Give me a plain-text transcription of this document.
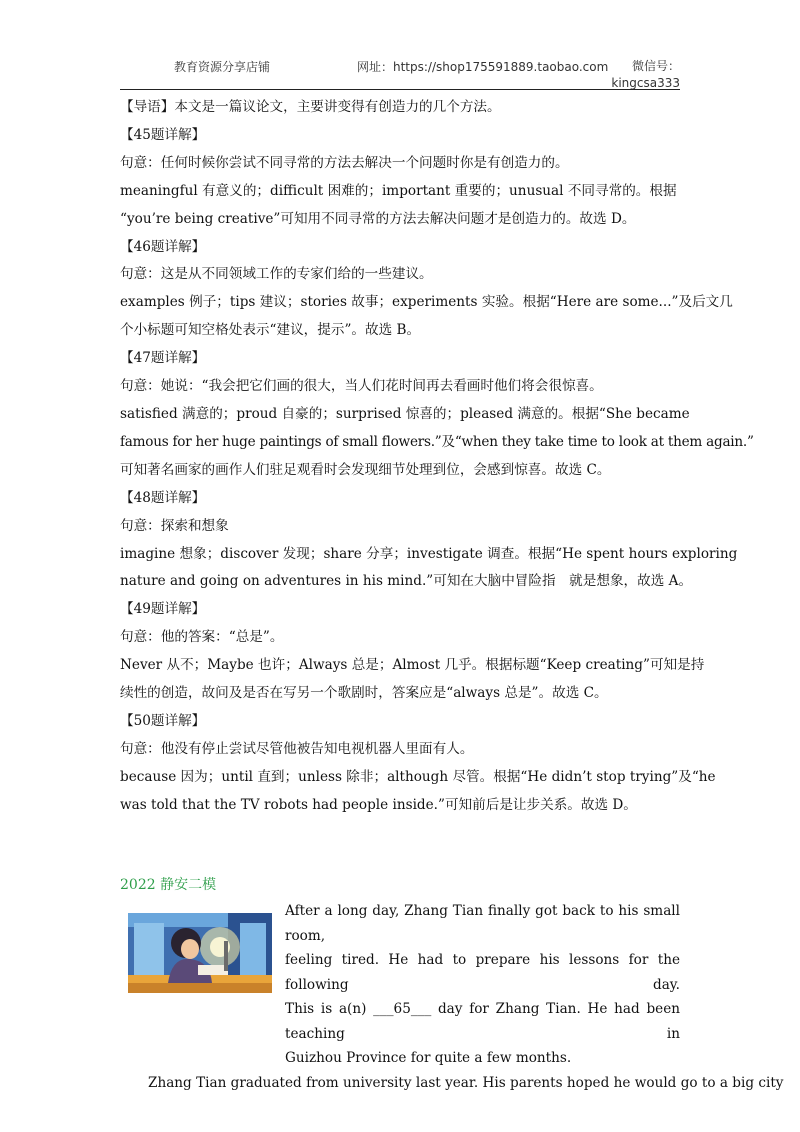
教育资源分享店铺	网址：https://shop175591889.taobao.com	微信号：
kingcsa333
【导语】本文是一篇议论文，主要讲变得有创造力的几个方法。
【45题详解】
句意：任何时候你尝试不同寻常的方法去解决一个问题时你是有创造力的。
meaningful 有意义的；difficult 困难的；important 重要的；unusual 不同寻常的。根据
“you’re being creative”可知用不同寻常的方法去解决问题才是创造力的。故选 D。
【46题详解】
句意：这是从不同领域工作的专家们给的一些建议。
examples 例子；tips 建议；stories 故事；experiments 实验。根据“Here are some...”及后文几
个小标题可知空格处表示“建议，提示”。故选 B。
【47题详解】
句意：她说：“我会把它们画的很大，当人们花时间再去看画时他们将会很惊喜。
satisfied 满意的；proud 自豪的；surprised 惊喜的；pleased 满意的。根据“She became
famous for her huge paintings of small flowers.”及“when they take time to look at them again.”
可知著名画家的画作人们驻足观看时会发现细节处理到位，会感到惊喜。故选 C。
【48题详解】
句意：探索和想象
imagine 想象；discover 发现；share 分享；investigate 调查。根据“He spent hours exploring
nature and going on adventures in his mind.”可知在大脑中冒险指　就是想象，故选 A。
【49题详解】
句意：他的答案：“总是”。
Never 从不；Maybe 也许；Always 总是；Almost 几乎。根据标题“Keep creating”可知是持
续性的创造，故问及是否在写另一个歌剧时，答案应是“always 总是”。故选 C。
【50题详解】
句意：他没有停止尝试尽管他被告知电视机器人里面有人。
because 因为；until 直到；unless 除非；although 尽管。根据“He didn’t stop trying”及“he
was told that the TV robots had people inside.”可知前后是让步关系。故选 D。
2022 静安二模
After a long day, Zhang Tian finally got back to his small room,
feeling tired. He had to prepare his lessons for the following day.
This is a(n) ___65___ day for Zhang Tian. He had been teaching in
Guizhou Province for quite a few months.
Zhang Tian graduated from university last year. His parents hoped he would go to a big city
